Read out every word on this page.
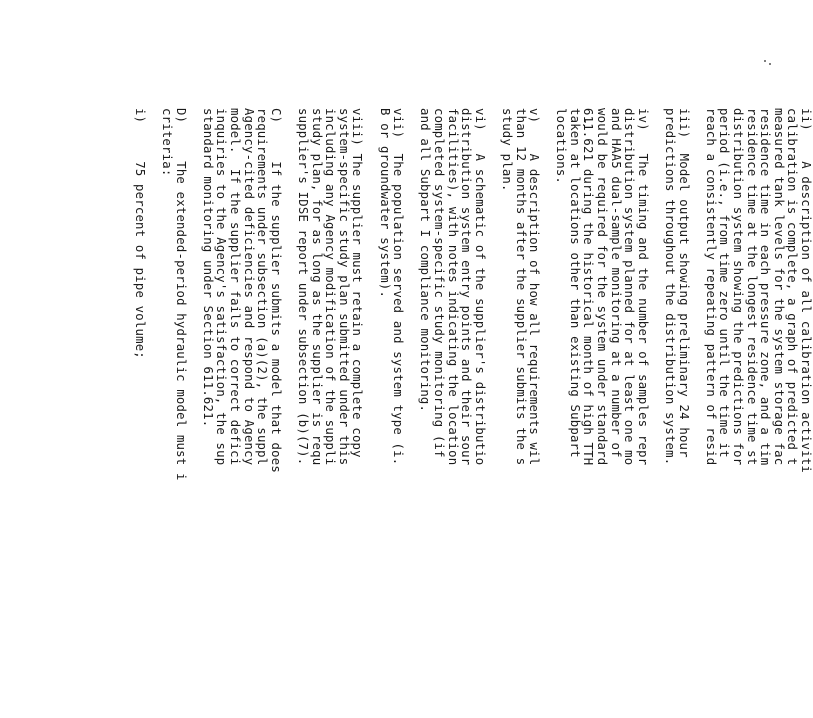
ii)    A description of all calibration activiti
calibration is complete, a graph of predicted t
measured tank levels for the system storage fac
residence time in each pressure zone, and a tim
residence time at the longest residence time st
distribution system showing the predictions for
period (i.e., from time zero until the time it
reach a consistently repeating pattern of resid
iii)  Model output showing preliminary 24 hour
predictions throughout the distribution system.
iv)   The timing and the number of samples repr
distribution system planned for at least one mo
and HAA5 dual-sample monitoring at a number of
would be required for the system under standard
611.621 during the historical month of high TTH
taken at locations other than existing Subpart
locations.
v)    A description of how all requirements wil
than 12 months after the supplier submits the s
study plan.
vi)   A schematic of the supplier's distributio
distribution system entry points and their sour
facilities), with notes indicating the location
completed system-specific study monitoring (if
and all Subpart I compliance monitoring.
vii)  The population served and system type (i.
B or groundwater system).
viii) The supplier must retain a complete copy
system-specific study plan submitted under this
including any Agency modification of the suppli
study plan, for as long as the supplier is requ
supplier's IDSE report under subsection (b)(7).
C)     If the supplier submits a model that does
requirements under subsection (a)(2), the suppl
Agency-cited deficiencies and respond to Agency
model.  If the supplier fails to correct defici
inquiries to the Agency's satisfaction, the sup
standard monitoring under Section 611.621.
D)     The extended-period hydraulic model must i
criteria:
i)     75 percent of pipe volume;
